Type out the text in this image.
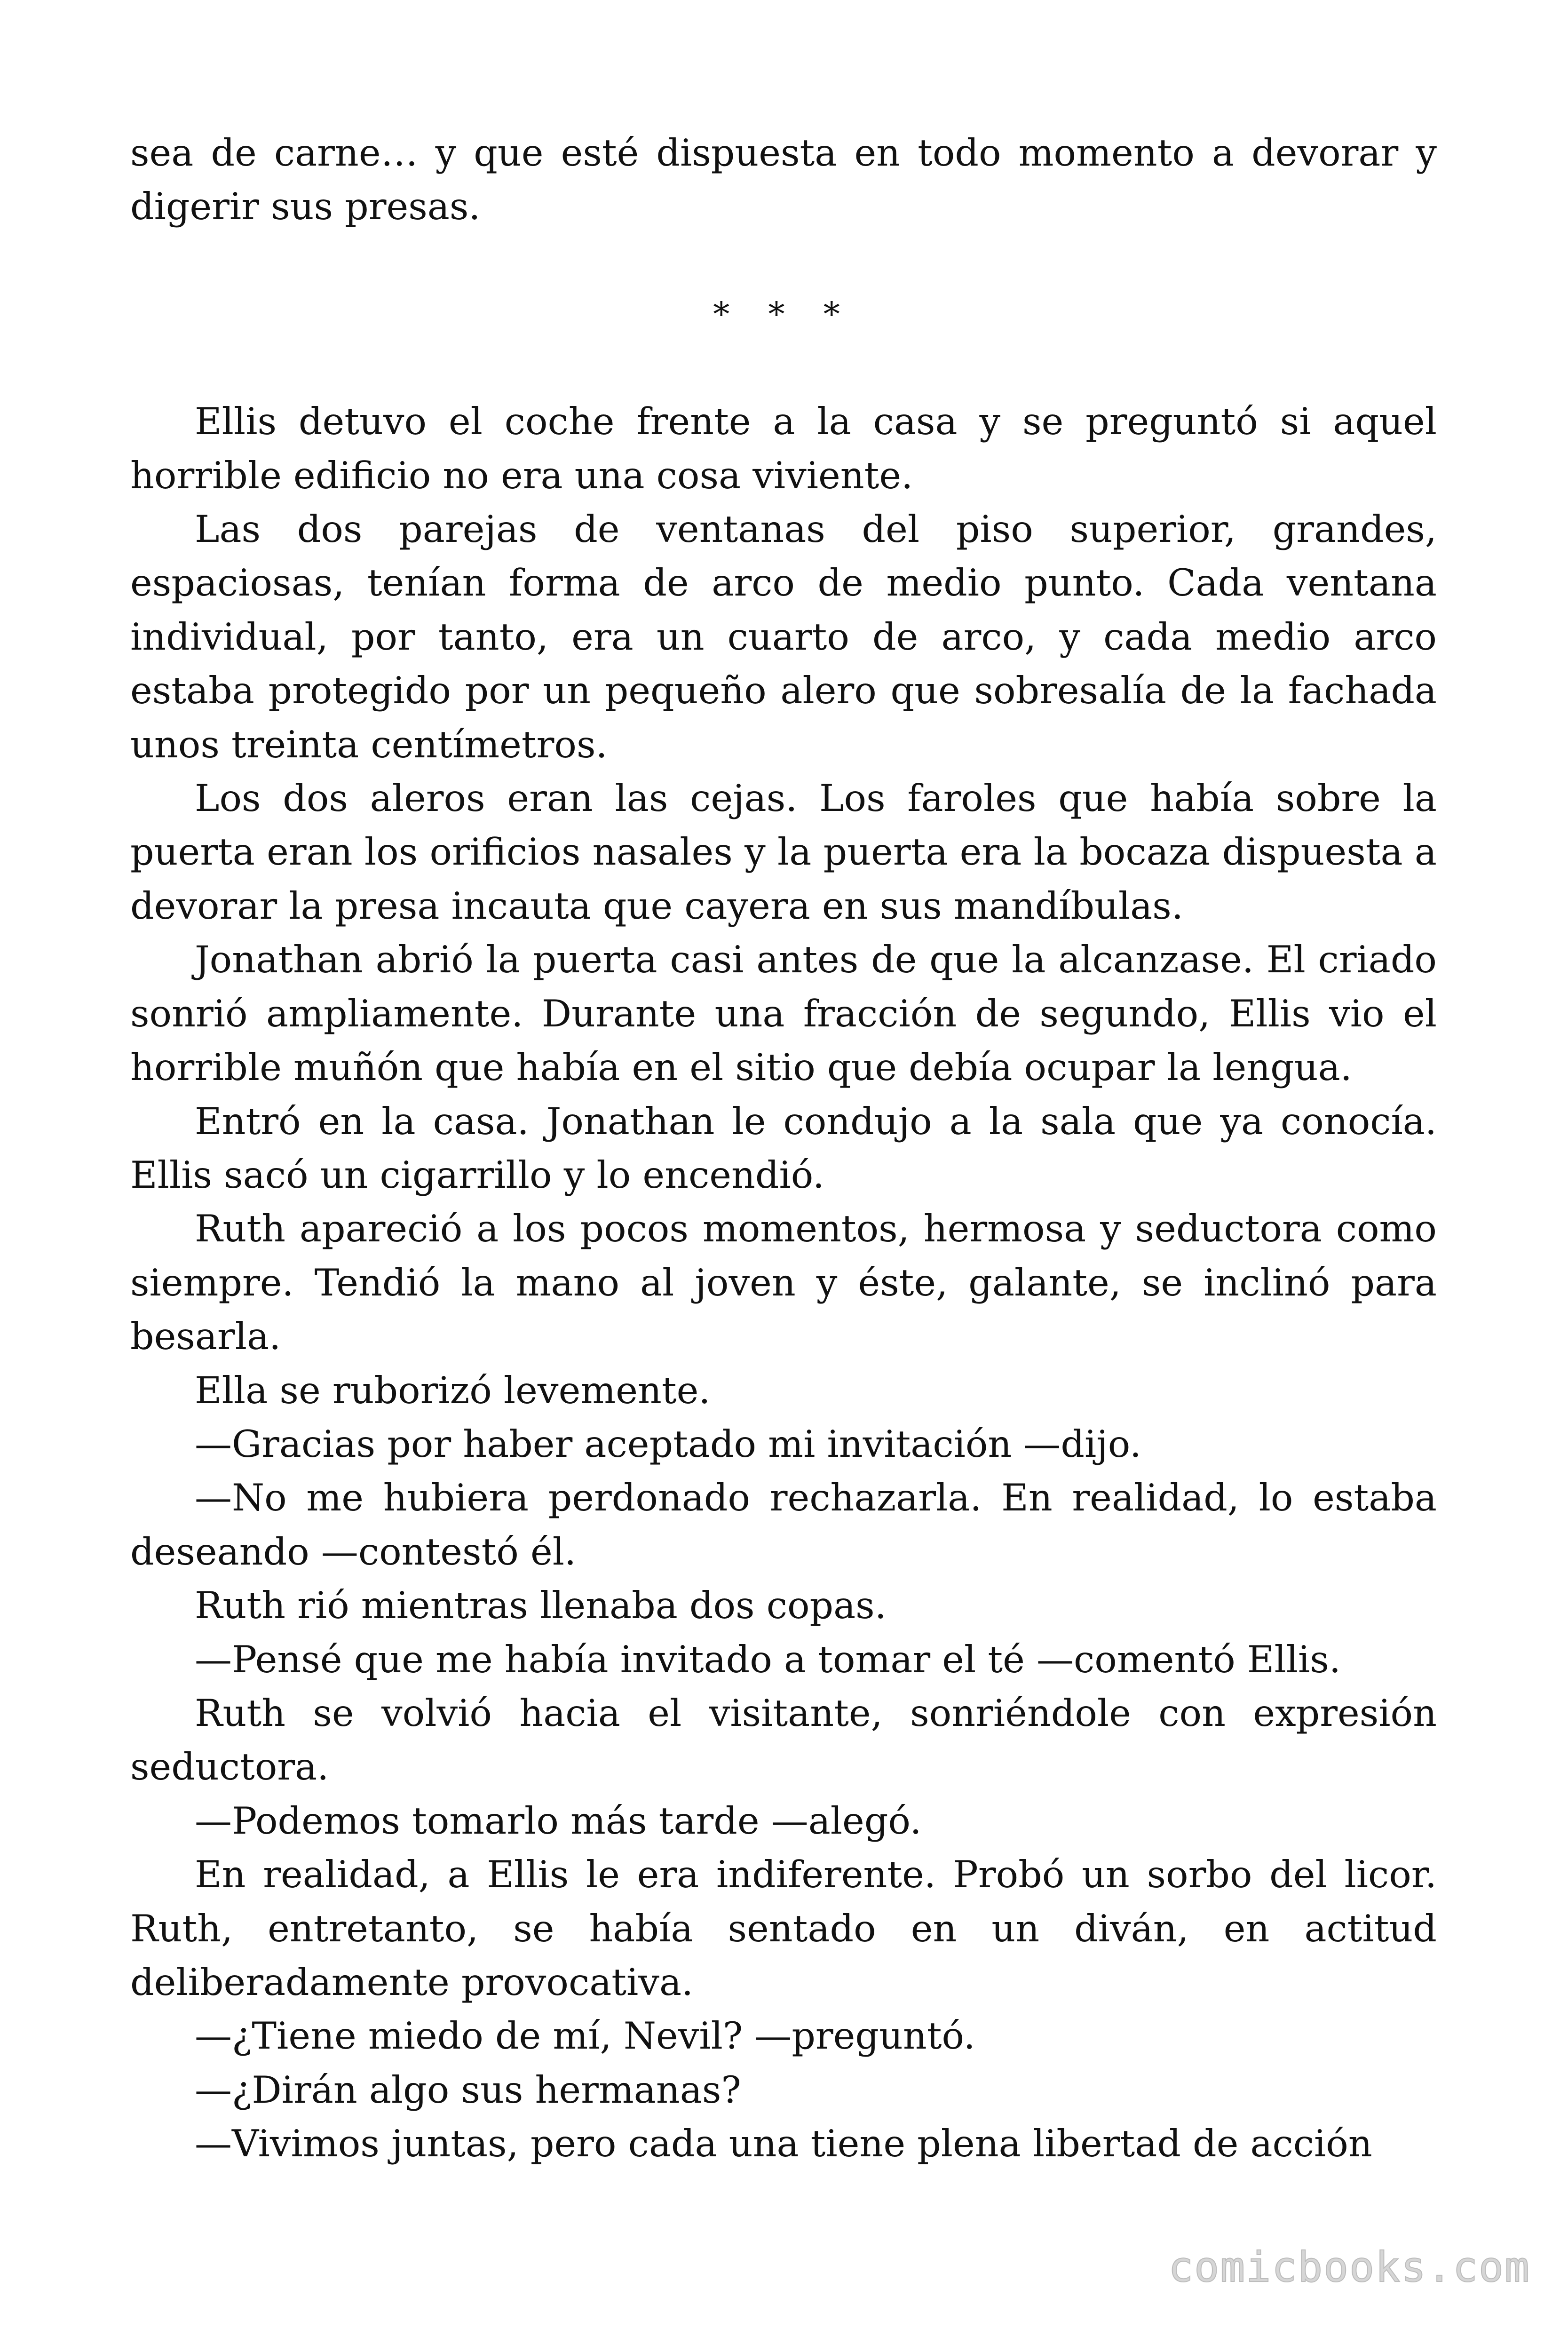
sea de carne… y que esté dispuesta en todo momento a devorar y digerir sus presas.

* * *

Ellis detuvo el coche frente a la casa y se preguntó si aquel horrible edificio no era una cosa viviente.

Las dos parejas de ventanas del piso superior, grandes, espaciosas, tenían forma de arco de medio punto. Cada ventana individual, por tanto, era un cuarto de arco, y cada medio arco estaba protegido por un pequeño alero que sobresalía de la fachada unos treinta centímetros.

Los dos aleros eran las cejas. Los faroles que había sobre la puerta eran los orificios nasales y la puerta era la bocaza dispuesta a devorar la presa incauta que cayera en sus mandíbulas.

Jonathan abrió la puerta casi antes de que la alcanzase. El criado sonrió ampliamente. Durante una fracción de segundo, Ellis vio el horrible muñón que había en el sitio que debía ocupar la lengua.

Entró en la casa. Jonathan le condujo a la sala que ya conocía. Ellis sacó un cigarrillo y lo encendió.

Ruth apareció a los pocos momentos, hermosa y seductora como siempre. Tendió la mano al joven y éste, galante, se inclinó para besarla.

Ella se ruborizó levemente.

—Gracias por haber aceptado mi invitación —dijo.

—No me hubiera perdonado rechazarla. En realidad, lo estaba deseando —contestó él.

Ruth rió mientras llenaba dos copas.

—Pensé que me había invitado a tomar el té —comentó Ellis.

Ruth se volvió hacia el visitante, sonriéndole con expresión seductora.

—Podemos tomarlo más tarde —alegó.

En realidad, a Ellis le era indiferente. Probó un sorbo del licor. Ruth, entretanto, se había sentado en un diván, en actitud deliberadamente provocativa.

—¿Tiene miedo de mí, Nevil? —preguntó.

—¿Dirán algo sus hermanas?

—Vivimos juntas, pero cada una tiene plena libertad de acción

comicbooks.com
